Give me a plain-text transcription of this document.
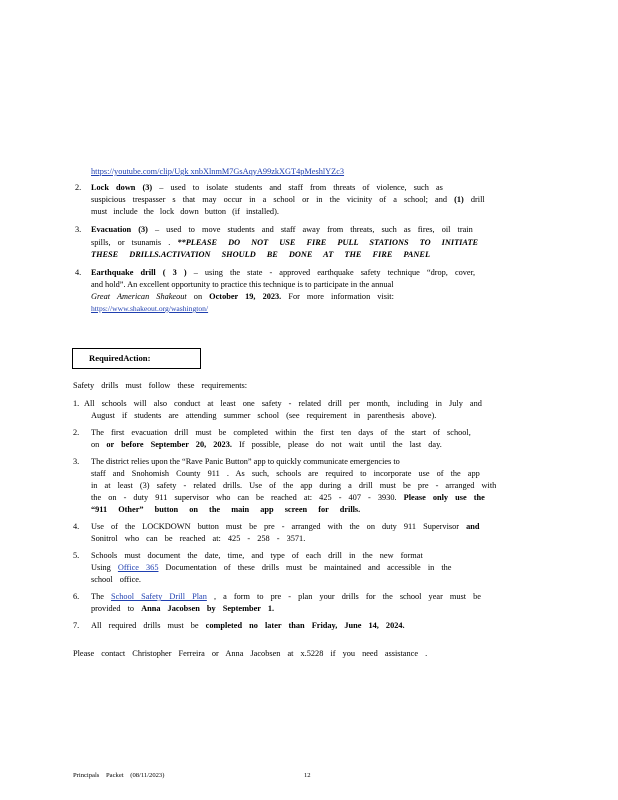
https://youtube.com/clip/Ugk xnbXlnmM7GsAqyA99zkXGT4pMeshlYZc3
2. Lock down (3) – used to isolate students and staff from threats of violence, such as
suspicious trespasser s that may occur in a school or in the vicinity of a school; and (1) drill
must include the lock down button (if installed).
3. Evacuation (3) – used to move students and staff away from threats, such as fires, oil train
spills, or tsunamis . **PLEASE DO NOT USE FIRE PULL STATIONS TO INITIATE
THESE DRILLS.ACTIVATION SHOULD BE DONE AT THE FIRE PANEL
4. Earthquake drill ( 3 ) – using the state - approved earthquake safety technique “drop, cover,
and hold”. An excellent opportunity to practice this technique is to participate in the annual
Great American Shakeout on October 19, 2023. For more information visit:
https://www.shakeout.org/washington/
RequiredAction:
Safety drills must follow these requirements:
1. All schools will also conduct at least one safety - related drill per month, including in July and
August if students are attending summer school (see requirement in parenthesis above).
2. The first evacuation drill must be completed within the first ten days of the start of school,
on or before September 20, 2023. If possible, please do not wait until the last day.
3. The district relies upon the “Rave Panic Button” app to quickly communicate emergencies to
staff and Snohomish County 911 . As such, schools are required to incorporate use of the app
in at least (3) safety - related drills. Use of the app during a drill must be pre - arranged with
the on - duty 911 supervisor who can be reached at: 425 - 407 - 3930. Please only use the
“911 Other” button on the main app screen for drills.
4. Use of the LOCKDOWN button must be pre - arranged with the on duty 911 Supervisor and
Sonitrol who can be reached at: 425 - 258 - 3571.
5. Schools must document the date, time, and type of each drill in the new format
Using Office 365 Documentation of these drills must be maintained and accessible in the
school office.
6. The School Safety Drill Plan , a form to pre - plan your drills for the school year must be
provided to Anna Jacobsen by September 1.
7. All required drills must be completed no later than Friday, June 14, 2024.
Please contact Christopher Ferreira or Anna Jacobsen at x.5228 if you need assistance .
Principals Packet (08/11/2023)	12
